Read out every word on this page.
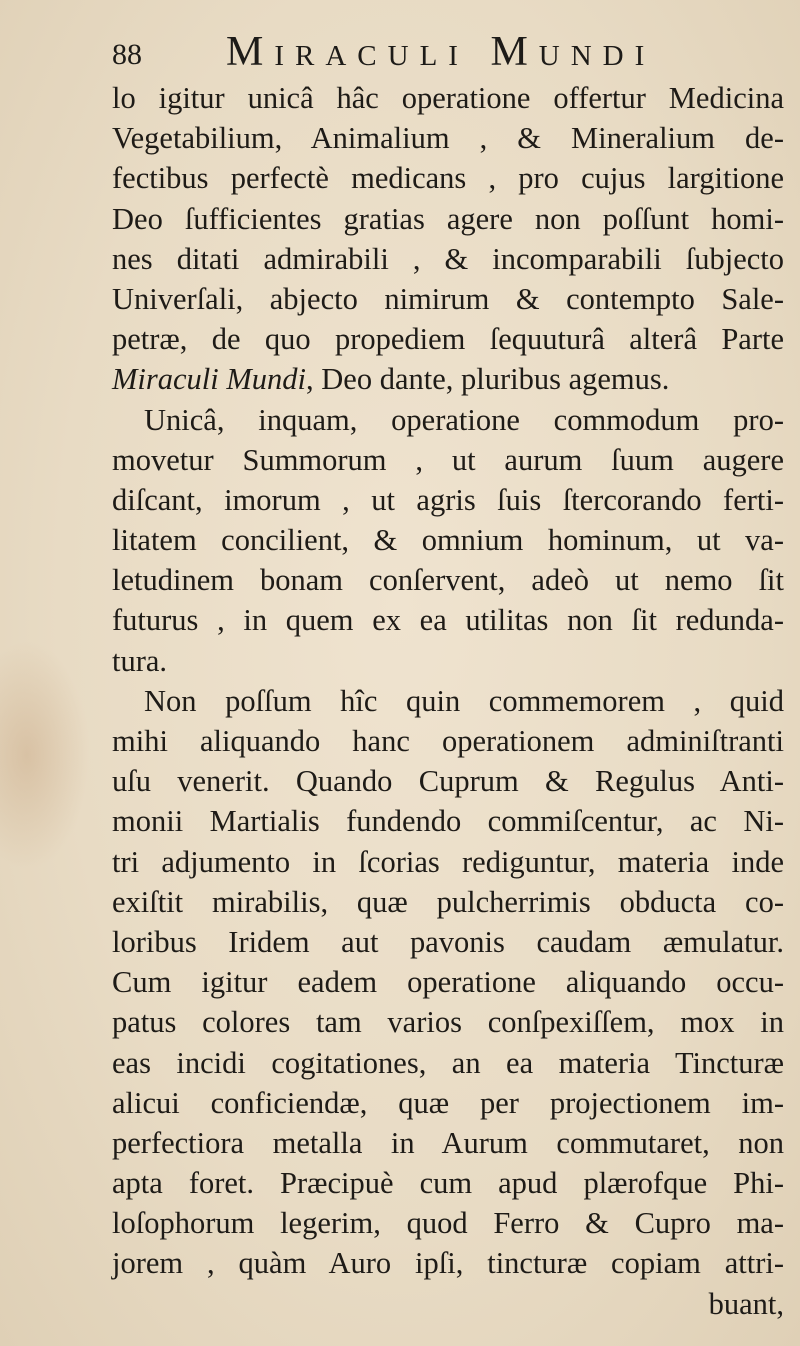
88 Miraculi Mundi
lo igitur unicâ hâc operatione offertur Medicina
Vegetabilium, Animalium , & Mineralium de-
fectibus perfectè medicans , pro cujus largitione
Deo ſufficientes gratias agere non poſſunt homi-
nes ditati admirabili , & incomparabili ſubjecto
Univerſali, abjecto nimirum & contempto Sale-
petræ, de quo propediem ſequuturâ alterâ Parte
Miraculi Mundi, Deo dante, pluribus agemus.
Unicâ, inquam, operatione commodum pro-
movetur Summorum , ut aurum ſuum augere
diſcant, imorum , ut agris ſuis ſtercorando ferti-
litatem concilient, & omnium hominum, ut va-
letudinem bonam conſervent, adeò ut nemo ſit
futurus , in quem ex ea utilitas non ſit redunda-
tura.
Non poſſum hîc quin commemorem , quid
mihi aliquando hanc operationem adminiſtranti
uſu venerit. Quando Cuprum & Regulus Anti-
monii Martialis fundendo commiſcentur, ac Ni-
tri adjumento in ſcorias rediguntur, materia inde
exiſtit mirabilis, quæ pulcherrimis obducta co-
loribus Iridem aut pavonis caudam æmulatur.
Cum igitur eadem operatione aliquando occu-
patus colores tam varios conſpexiſſem, mox in
eas incidi cogitationes, an ea materia Tincturæ
alicui conficiendæ, quæ per projectionem im-
perfectiora metalla in Aurum commutaret, non
apta foret. Præcipuè cum apud plærofque Phi-
loſophorum legerim, quod Ferro & Cupro ma-
jorem , quàm Auro ipſi, tincturæ copiam attri-
buant,
